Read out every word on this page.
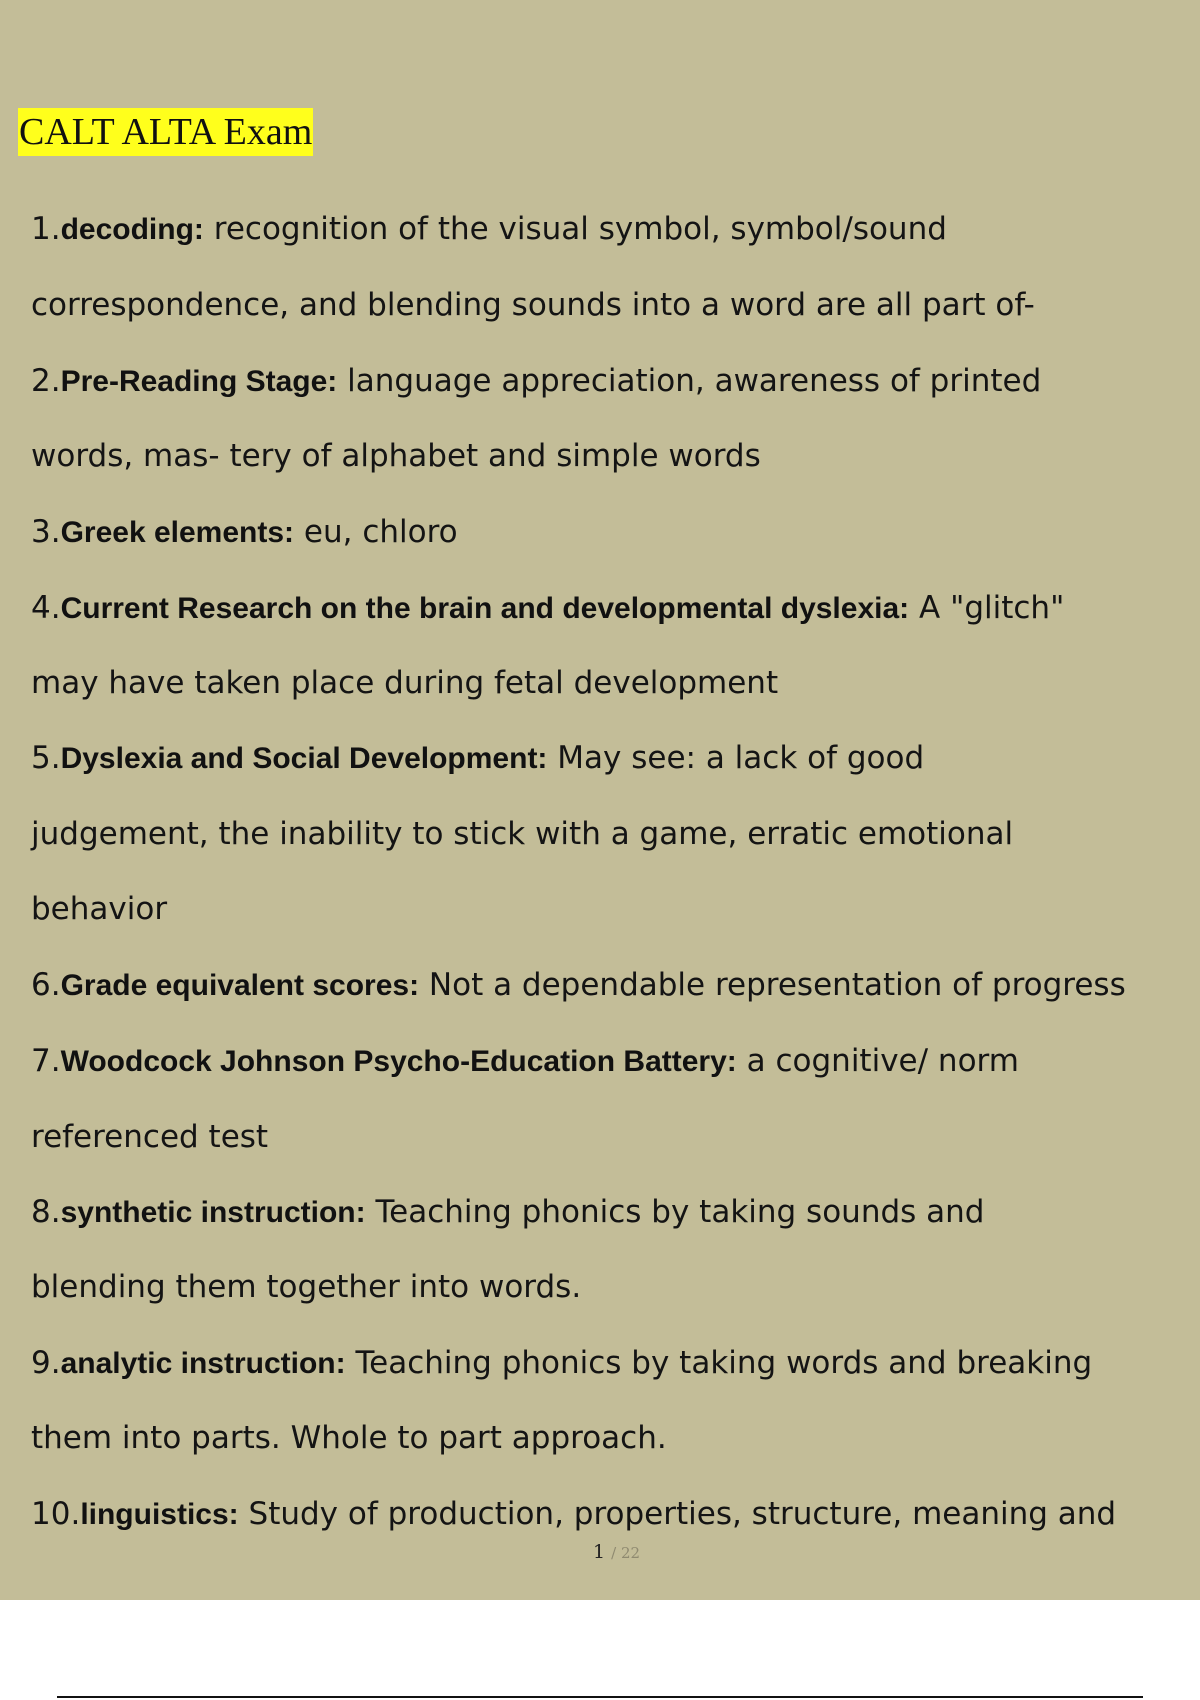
CALT ALTA Exam
1.decoding: recognition of the visual symbol, symbol/sound
correspondence, and blending sounds into a word are all part of-
2.Pre-Reading Stage: language appreciation, awareness of printed
words, mas- tery of alphabet and simple words
3.Greek elements: eu, chloro
4.Current Research on the brain and developmental dyslexia: A "glitch"
may have taken place during fetal development
5.Dyslexia and Social Development: May see: a lack of good
judgement, the inability to stick with a game, erratic emotional
behavior
6.Grade equivalent scores: Not a dependable representation of progress
7.Woodcock Johnson Psycho-Education Battery: a cognitive/ norm
referenced test
8.synthetic instruction: Teaching phonics by taking sounds and
blending them together into words.
9.analytic instruction: Teaching phonics by taking words and breaking
them into parts. Whole to part approach.
10.linguistics: Study of production, properties, structure, meaning and
1 / 22
